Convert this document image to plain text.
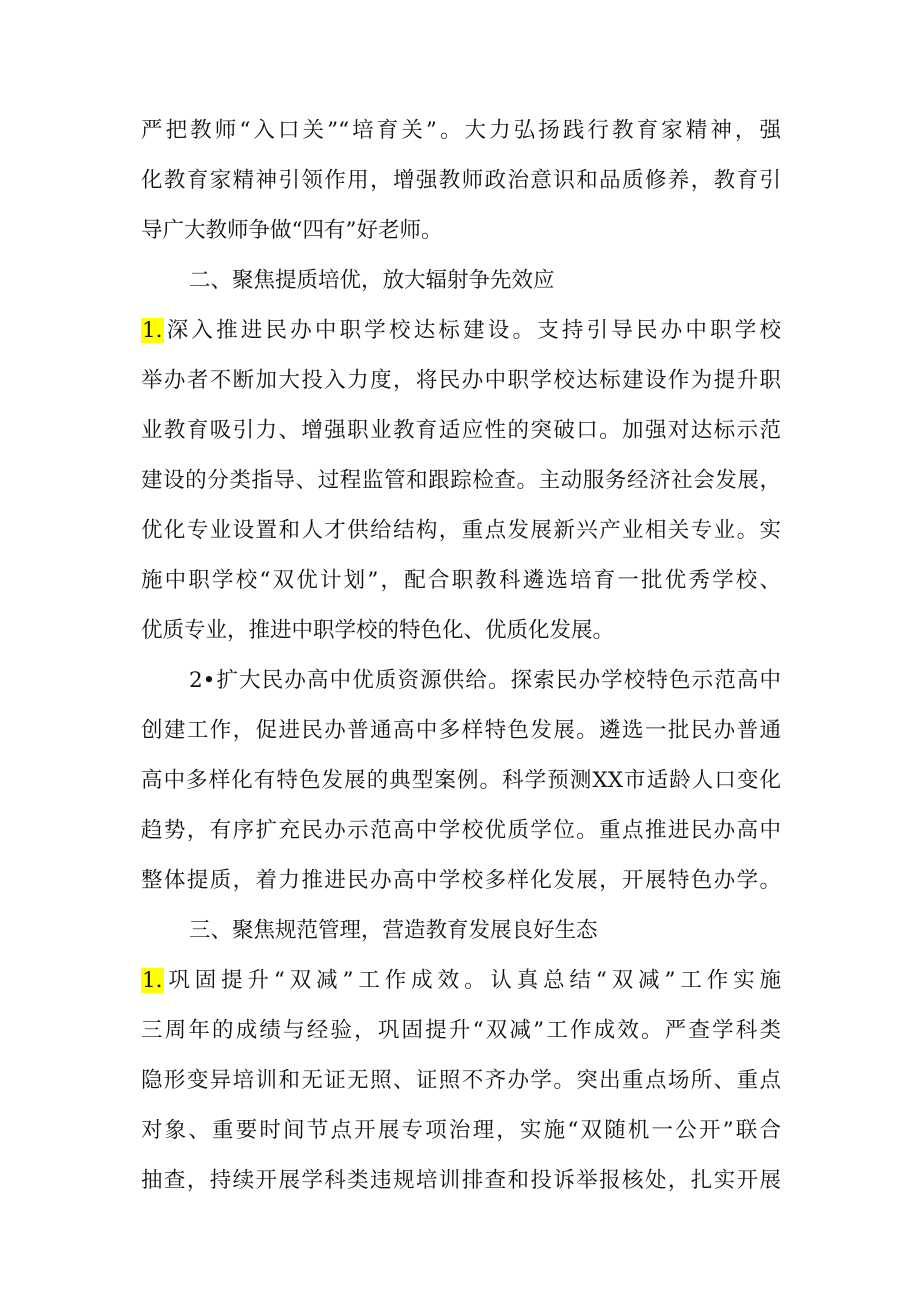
严把教师“入口关”“培育关”。大力弘扬践行教育家精神，强
化教育家精神引领作用，增强教师政治意识和品质修养，教育引
导广大教师争做“四有”好老师。
二、聚焦提质培优，放大辐射争先效应
1.深入推进民办中职学校达标建设。支持引导民办中职学校
举办者不断加大投入力度，将民办中职学校达标建设作为提升职
业教育吸引力、增强职业教育适应性的突破口。加强对达标示范
建设的分类指导、过程监管和跟踪检查。主动服务经济社会发展，
优化专业设置和人才供给结构，重点发展新兴产业相关专业。实
施中职学校“双优计划”，配合职教科遴选培育一批优秀学校、
优质专业，推进中职学校的特色化、优质化发展。
2•扩大民办高中优质资源供给。探索民办学校特色示范高中
创建工作，促进民办普通高中多样特色发展。遴选一批民办普通
高中多样化有特色发展的典型案例。科学预测XX市适龄人口变化
趋势，有序扩充民办示范高中学校优质学位。重点推进民办高中
整体提质，着力推进民办高中学校多样化发展，开展特色办学。
三、聚焦规范管理，营造教育发展良好生态
1.巩固提升“双减”工作成效。认真总结“双减”工作实施
三周年的成绩与经验，巩固提升“双减”工作成效。严查学科类
隐形变异培训和无证无照、证照不齐办学。突出重点场所、重点
对象、重要时间节点开展专项治理，实施“双随机一公开”联合
抽查，持续开展学科类违规培训排查和投诉举报核处，扎实开展
